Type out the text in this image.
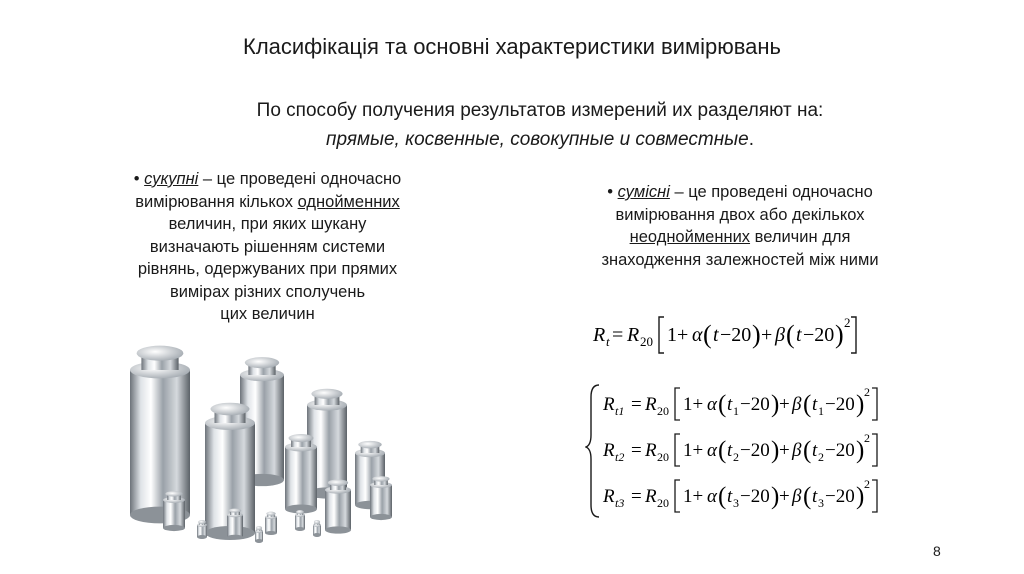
Класифікація та основні характеристики вимірювань
По способу получения результатов измерений их разделяют на:
прямые, косвенные, совокупные и совместные.
• сукупні – це проведені одночасно
вимірювання кількох однойменних
величин, при яких шукану
визначають рішенням системи
рівнянь, одержуваних при прямих
вимірах різних сполучень
цих величин
• сумісні – це проведені одночасно
вимірювання двох або декількох
неоднойменних величин для
знаходження залежностей між ними
R t = R 20 1+ α ( t −20 ) + β ( t −20 ) 2
R t1 = R 20 1+ α ( t 1 −20 ) + β ( t 1 −20 ) 2
R t2 = R 20 1+ α ( t 2 −20 ) + β ( t 2 −20 ) 2
R t3 = R 20 1+ α ( t 3 −20 ) + β ( t 3 −20 ) 2
8
